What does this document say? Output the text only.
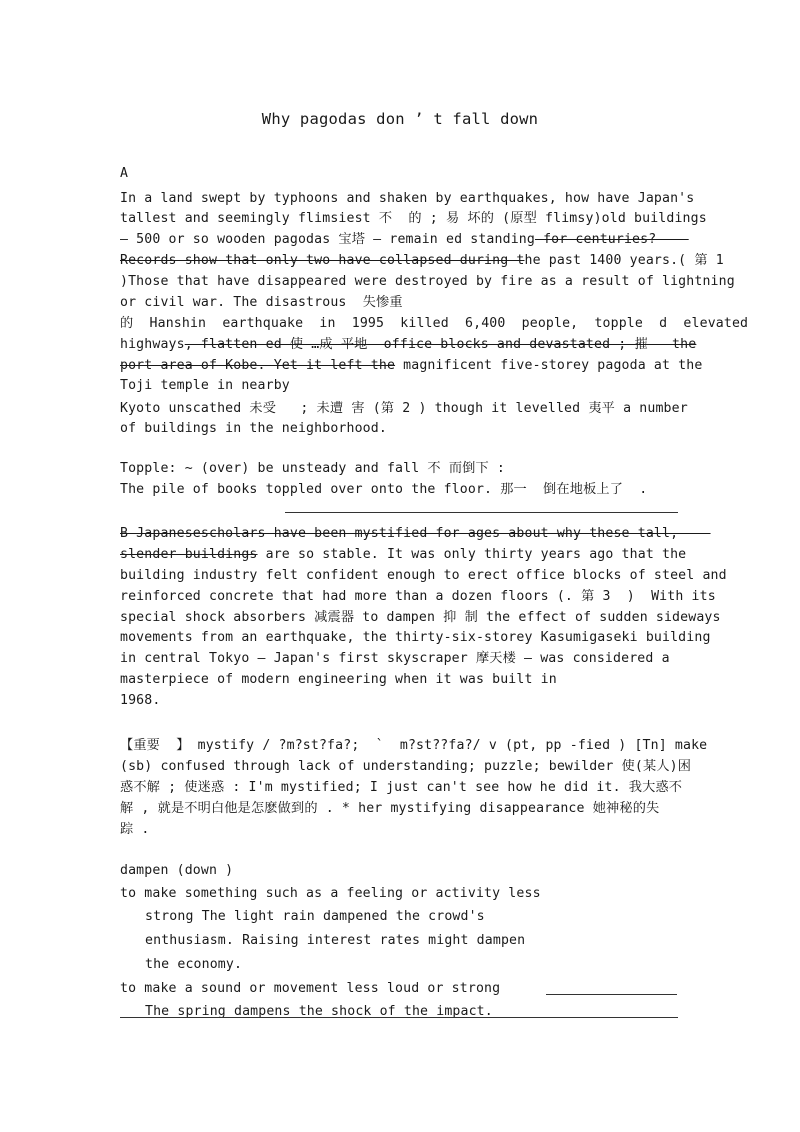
Why pagodas don ’ t fall down
A
In a land swept by typhoons and shaken by earthquakes, how have Japan's
tallest and seemingly flimsiest 不  的 ; 易 坏的 (原型 flimsy)old buildings
— 500 or so wooden pagodas 宝塔 — remain ed standing for centuries?
Records show that only two have collapsed during the past 1400 years.( 第 1
)Those that have disappeared were destroyed by fire as a result of lightning
or civil war. The disastrous  失惨重
的  Hanshin  earthquake  in  1995  killed  6,400  people,  topple  d  elevated
highways, flatten ed 使 …成 平地  office blocks and devastated ; 摧   the
port area of Kobe. Yet it left the magnificent five-storey pagoda at the
Toji temple in nearby
Kyoto unscathed 未受   ; 未遭 害 (第 2 ) though it levelled 夷平 a number
of buildings in the neighborhood.
Topple: ~ (over) be unsteady and fall 不 而倒下 :
The pile of books toppled over onto the floor. 那一  倒在地板上了  .
B Japanesescholars have been mystified for ages about why these tall,
slender buildings are so stable. It was only thirty years ago that the
building industry felt confident enough to erect office blocks of steel and
reinforced concrete that had more than a dozen floors (. 第 3  )  With its
special shock absorbers 减震器 to dampen 抑 制 the effect of sudden sideways
movements from an earthquake, the thirty-six-storey Kasumigaseki building
in central Tokyo — Japan's first skyscraper 摩天楼 — was considered a
masterpiece of modern engineering when it was built in
1968.
【重要  】 mystify / ?m?st?fa?;  `  m?st??fa?/ v (pt, pp -fied ) [Tn] make
(sb) confused through lack of understanding; puzzle; bewilder 使(某人)困
惑不解 ; 使迷惑 : I'm mystified; I just can't see how he did it. 我大惑不
解 , 就是不明白他是怎麽做到的 . * her mystifying disappearance 她神秘的失
踪 .
dampen (down )
to make something such as a feeling or activity less
strong The light rain dampened the crowd's
enthusiasm. Raising interest rates might dampen
the economy.
to make a sound or movement less loud or strong
The spring dampens the shock of the impact.
